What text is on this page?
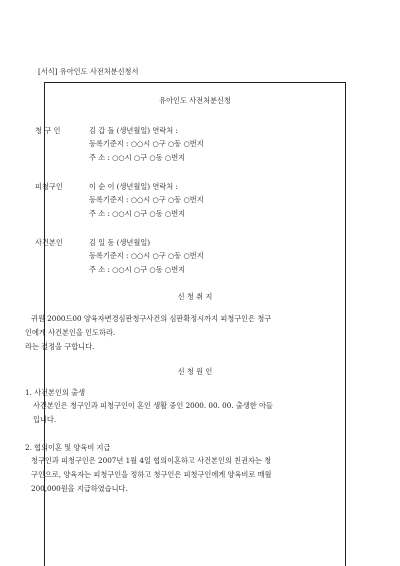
[서식] 유아인도 사전처분신청서
유아인도 사전처분신청
청 구 인	김 갑 돌 (생년월일) 연락처 :
등록기준지 : ○○시 ○구 ○동 ○번지
주 소 : ○○시 ○구 ○동 ○번지
피청구인	이 순 이 (생년월일) 연락처 :
등록기준지 : ○○시 ○구 ○동 ○번지
주 소 : ○○시 ○구 ○동 ○번지
사건본인	김 일 동 (생년월일)
등록기준지 : ○○시 ○구 ○동 ○번지
주 소 : ○○시 ○구 ○동 ○번지
신 청 취 지
귀원 2000드00 양육자변경심판청구사건의 심판확정시까지 피청구인은 청구
인에게 사건본인을 인도하라.
라는 결정을 구합니다.
신 청 원 인
1. 사건본인의 출생
사건본인은 청구인과 피청구인이 혼인 생활 중인 2000. 00. 00. 출생한 아들
입니다.
2. 협의이혼 및 양육비 지급
청구인과 피청구인은 2007년 1월 4일 협의이혼하고 사건본인의 친권자는 청
구인으로, 양육자는 피청구인을 정하고 청구인은 피청구인에게 양육비로 매월
200,000원을 지급하였습니다.
